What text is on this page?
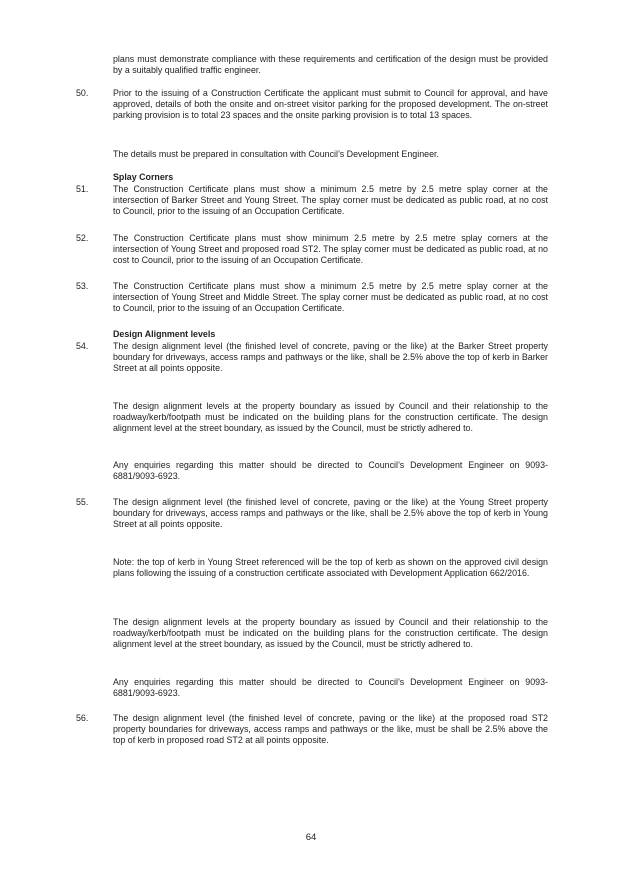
plans must demonstrate compliance with these requirements and certification of the design must be provided by a suitably qualified traffic engineer.

50.	Prior to the issuing of a Construction Certificate the applicant must submit to Council for approval, and have approved, details of both the onsite and on-street visitor parking for the proposed development. The on-street parking provision is to total 23 spaces and the onsite parking provision is to total 13 spaces.

The details must be prepared in consultation with Council’s Development Engineer.

Splay Corners

51.	The Construction Certificate plans must show a minimum 2.5 metre by 2.5 metre splay corner at the intersection of Barker Street and Young Street. The splay corner must be dedicated as public road, at no cost to Council, prior to the issuing of an Occupation Certificate.

52.	The Construction Certificate plans must show minimum 2.5 metre by 2.5 metre splay corners at the intersection of Young Street and proposed road ST2. The splay corner must be dedicated as public road, at no cost to Council, prior to the issuing of an Occupation Certificate.

53.	The Construction Certificate plans must show a minimum 2.5 metre by 2.5 metre splay corner at the intersection of Young Street and Middle Street. The splay corner must be dedicated as public road, at no cost to Council, prior to the issuing of an Occupation Certificate.

Design Alignment levels

54.	The design alignment level (the finished level of concrete, paving or the like) at the Barker Street property boundary for driveways, access ramps and pathways or the like, shall be 2.5% above the top of kerb in Barker Street at all points opposite.

The design alignment levels at the property boundary as issued by Council and their relationship to the roadway/kerb/footpath must be indicated on the building plans for the construction certificate. The design alignment level at the street boundary, as issued by the Council, must be strictly adhered to.

Any enquiries regarding this matter should be directed to Council’s Development Engineer on 9093-6881/9093-6923.

55.	The design alignment level (the finished level of concrete, paving or the like) at the Young Street property boundary for driveways, access ramps and pathways or the like, shall be 2.5% above the top of kerb in Young Street at all points opposite.

Note: the top of kerb in Young Street referenced will be the top of kerb as shown on the approved civil design plans following the issuing of a construction certificate associated with Development Application 662/2016.

The design alignment levels at the property boundary as issued by Council and their relationship to the roadway/kerb/footpath must be indicated on the building plans for the construction certificate. The design alignment level at the street boundary, as issued by the Council, must be strictly adhered to.

Any enquiries regarding this matter should be directed to Council’s Development Engineer on 9093-6881/9093-6923.

56.	The design alignment level (the finished level of concrete, paving or the like) at the proposed road ST2 property boundaries for driveways, access ramps and pathways or the like, must be shall be 2.5% above the top of kerb in proposed road ST2 at all points opposite.

64
